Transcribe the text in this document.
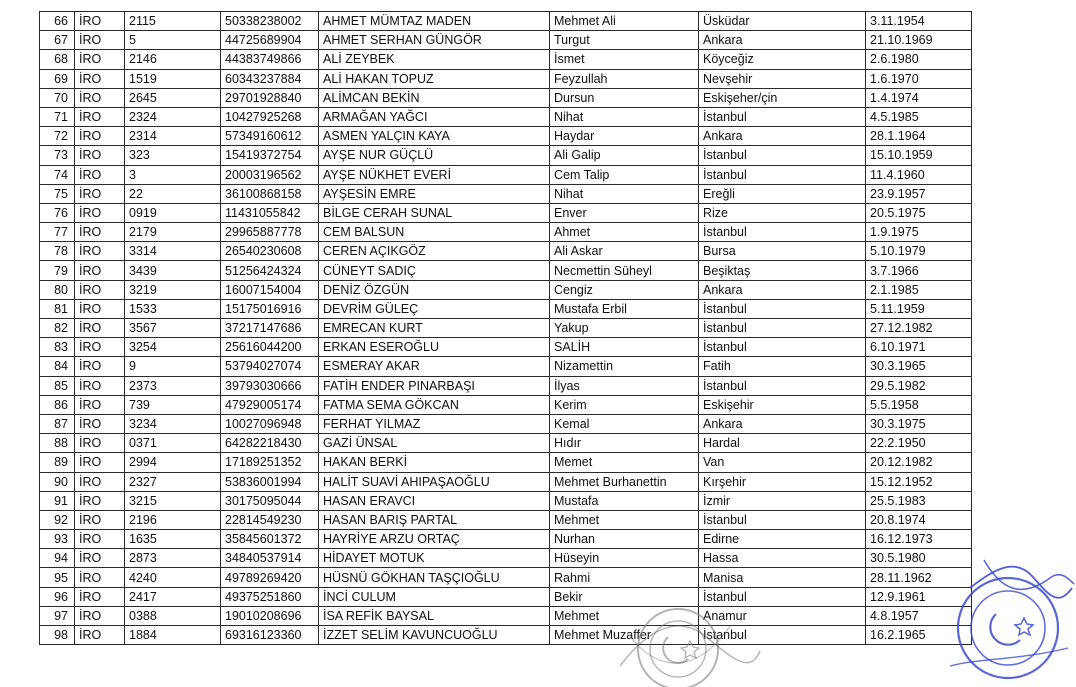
66	İRO	2115	50338238002	AHMET MÜMTAZ MADEN	Mehmet Ali	Üsküdar	3.11.1954
67	İRO	5	44725689904	AHMET SERHAN GÜNGÖR	Turgut	Ankara	21.10.1969
68	İRO	2146	44383749866	ALİ ZEYBEK	İsmet	Köyceğiz	2.6.1980
69	İRO	1519	60343237884	ALİ HAKAN TOPUZ	Feyzullah	Nevşehir	1.6.1970
70	İRO	2645	29701928840	ALİMCAN BEKİN	Dursun	Eskişeher/çin	1.4.1974
71	İRO	2324	10427925268	ARMAĞAN YAĞCI	Nihat	İstanbul	4.5.1985
72	İRO	2314	57349160612	ASMEN YALÇIN KAYA	Haydar	Ankara	28.1.1964
73	İRO	323	15419372754	AYŞE NUR GÜÇLÜ	Ali Galip	İstanbul	15.10.1959
74	İRO	3	20003196562	AYŞE NÜKHET EVERİ	Cem Talip	İstanbul	11.4.1960
75	İRO	22	36100868158	AYŞESİN EMRE	Nihat	Ereğli	23.9.1957
76	İRO	0919	11431055842	BİLGE CERAH SUNAL	Enver	Rize	20.5.1975
77	İRO	2179	29965887778	CEM BALSUN	Ahmet	İstanbul	1.9.1975
78	İRO	3314	26540230608	CEREN AÇIKGÖZ	Ali Askar	Bursa	5.10.1979
79	İRO	3439	51256424324	CÜNEYT SADIÇ	Necmettin Süheyl	Beşiktaş	3.7.1966
80	İRO	3219	16007154004	DENİZ ÖZGÜN	Cengiz	Ankara	2.1.1985
81	İRO	1533	15175016916	DEVRİM GÜLEÇ	Mustafa Erbil	İstanbul	5.11.1959
82	İRO	3567	37217147686	EMRECAN KURT	Yakup	İstanbul	27.12.1982
83	İRO	3254	25616044200	ERKAN ESEROĞLU	SALİH	İstanbul	6.10.1971
84	İRO	9	53794027074	ESMERAY AKAR	Nizamettin	Fatih	30.3.1965
85	İRO	2373	39793030666	FATİH ENDER PINARBAŞI	İlyas	İstanbul	29.5.1982
86	İRO	739	47929005174	FATMA SEMA GÖKCAN	Kerim	Eskişehir	5.5.1958
87	İRO	3234	10027096948	FERHAT YILMAZ	Kemal	Ankara	30.3.1975
88	İRO	0371	64282218430	GAZİ ÜNSAL	Hıdır	Hardal	22.2.1950
89	İRO	2994	17189251352	HAKAN BERKİ	Memet	Van	20.12.1982
90	İRO	2327	53836001994	HALİT SUAVİ AHIPAŞAOĞLU	Mehmet Burhanettin	Kırşehir	15.12.1952
91	İRO	3215	30175095044	HASAN ERAVCI	Mustafa	İzmir	25.5.1983
92	İRO	2196	22814549230	HASAN BARIŞ PARTAL	Mehmet	İstanbul	20.8.1974
93	İRO	1635	35845601372	HAYRİYE ARZU ORTAÇ	Nurhan	Edirne	16.12.1973
94	İRO	2873	34840537914	HİDAYET MOTUK	Hüseyin	Hassa	30.5.1980
95	İRO	4240	49789269420	HÜSNÜ GÖKHAN TAŞÇIOĞLU	Rahmi	Manisa	28.11.1962
96	İRO	2417	49375251860	İNCİ CULUM	Bekir	İstanbul	12.9.1961
97	İRO	0388	19010208696	İSA REFİK BAYSAL	Mehmet	Anamur	4.8.1957
98	İRO	1884	69316123360	İZZET SELİM KAVUNCUOĞLU	Mehmet Muzaffer	İstanbul	16.2.1965
